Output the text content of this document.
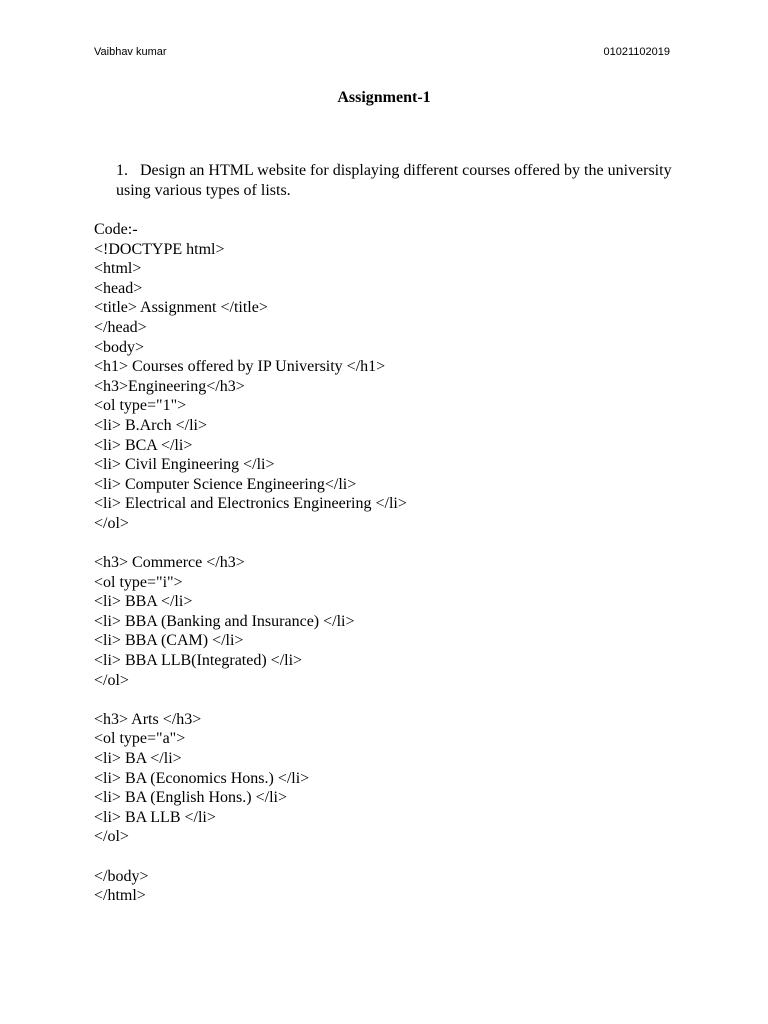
Vaibhav kumar	01021102019
Assignment-1
1. Design an HTML website for displaying different courses offered by the university using various types of lists.
Code:-
<!DOCTYPE html>
<html>
<head>
<title> Assignment </title>
</head>
<body>
<h1> Courses offered by IP University </h1>
<h3>Engineering</h3>
<ol type="1">
<li> B.Arch </li>
<li> BCA </li>
<li> Civil Engineering </li>
<li> Computer Science Engineering</li>
<li> Electrical and Electronics Engineering </li>
</ol>
<h3> Commerce </h3>
<ol type="i">
<li> BBA </li>
<li> BBA (Banking and Insurance) </li>
<li> BBA (CAM) </li>
<li> BBA LLB(Integrated) </li>
</ol>
<h3> Arts </h3>
<ol type="a">
<li> BA </li>
<li> BA (Economics Hons.) </li>
<li> BA (English Hons.) </li>
<li> BA LLB </li>
</ol>
</body>
</html>
